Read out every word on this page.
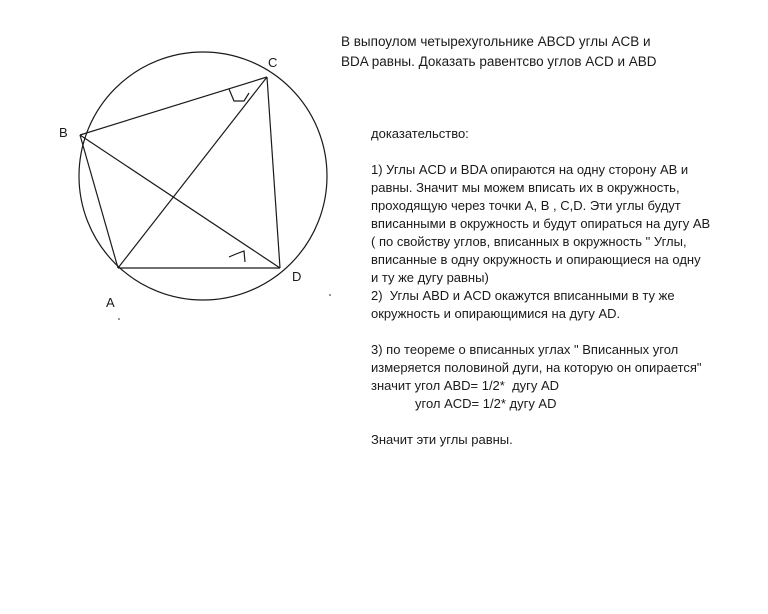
B
C
D
A
В выпоулом четырехугольнике ABCD углы ACB и
BDA равны. Доказать равентсво углов ACD и ABD
доказательство:
1) Углы ACD и BDA опираются на одну сторону AB и
равны. Значит мы можем вписать их в окружность,
проходящую через точки A, B , C,D. Эти углы будут
вписанными в окружность и будут опираться на дугу AB
( по свойству углов, вписанных в окружность " Углы,
вписанные в одну окружность и опирающиеся на одну
и ту же дугу равны)
2)  Углы ABD и ACD окажутся вписанными в ту же
окружность и опирающимися на дугу AD.
3) по теореме о вписанных углах " Вписанных угол
измеряется половиной дуги, на которую он опирается"
значит угол ABD= 1/2*  дугу AD
угол ACD= 1/2* дугу AD
Значит эти углы равны.
